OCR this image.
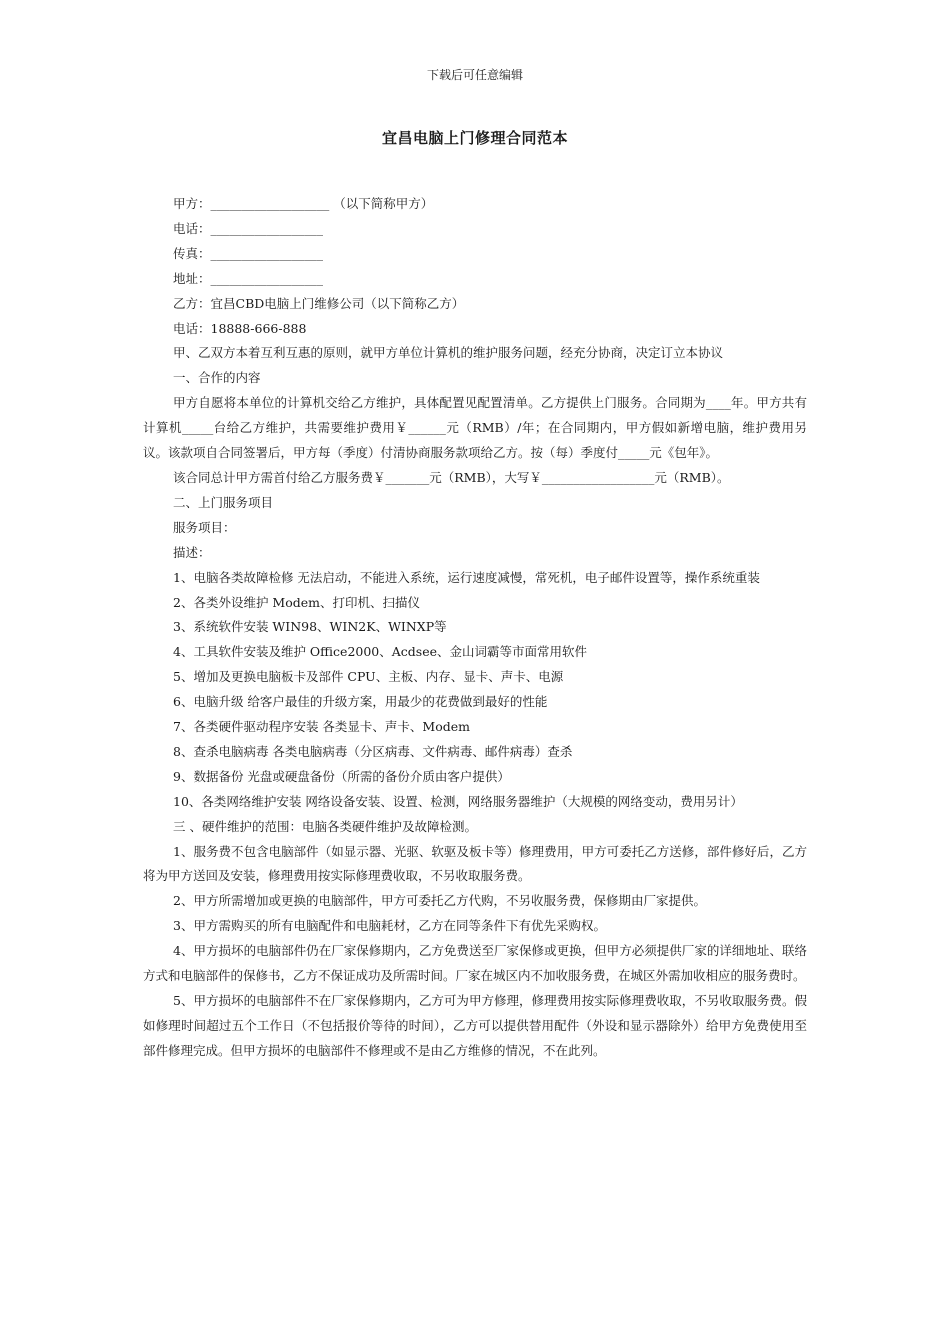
下载后可任意编辑
宜昌电脑上门修理合同范本

甲方：___________________ （以下简称甲方）

电话：__________________

传真：__________________

地址：__________________

乙方：宜昌CBD电脑上门维修公司（以下简称乙方）

电话：18888-666-888

甲、乙双方本着互利互惠的原则，就甲方单位计算机的维护服务问题，经充分协商，决定订立本协议

一、合作的内容

甲方自愿将本单位的计算机交给乙方维护，具体配置见配置清单。乙方提供上门服务。合同期为____年。甲方共有计算机_____台给乙方维护，共需要维护费用￥______元（RMB）/年；在合同期内，甲方假如新增电脑，维护费用另议。该款项自合同签署后，甲方每（季度）付清协商服务款项给乙方。按（每）季度付_____元《包年》。

该合同总计甲方需首付给乙方服务费￥_______元（RMB），大写￥__________________元（RMB）。

二、上门服务项目

服务项目：

描述：

1、电脑各类故障检修 无法启动，不能进入系统，运行速度减慢，常死机，电子邮件设置等，操作系统重装

2、各类外设维护 Modem、打印机、扫描仪

3、系统软件安装 WIN98、WIN2K、WINXP等

4、工具软件安装及维护 Office2000、Acdsee、金山词霸等市面常用软件

5、增加及更换电脑板卡及部件 CPU、主板、内存、显卡、声卡、电源

6、电脑升级 给客户最佳的升级方案，用最少的花费做到最好的性能

7、各类硬件驱动程序安装 各类显卡、声卡、Modem

8、查杀电脑病毒 各类电脑病毒（分区病毒、文件病毒、邮件病毒）查杀

9、数据备份 光盘或硬盘备份（所需的备份介质由客户提供）

10、各类网络维护安装 网络设备安装、设置、检测，网络服务器维护（大规模的网络变动，费用另计）

三 、硬件维护的范围：电脑各类硬件维护及故障检测。

1、服务费不包含电脑部件（如显示器、光驱、软驱及板卡等）修理费用，甲方可委托乙方送修，部件修好后，乙方将为甲方送回及安装，修理费用按实际修理费收取，不另收取服务费。

2、甲方所需增加或更换的电脑部件，甲方可委托乙方代购，不另收服务费，保修期由厂家提供。

3、甲方需购买的所有电脑配件和电脑耗材，乙方在同等条件下有优先采购权。

4、甲方损坏的电脑部件仍在厂家保修期内，乙方免费送至厂家保修或更换，但甲方必须提供厂家的详细地址、联络方式和电脑部件的保修书，乙方不保证成功及所需时间。厂家在城区内不加收服务费，在城区外需加收相应的服务费时。

5、甲方损坏的电脑部件不在厂家保修期内，乙方可为甲方修理，修理费用按实际修理费收取，不另收取服务费。假如修理时间超过五个工作日（不包括报价等待的时间），乙方可以提供替用配件（外设和显示器除外）给甲方免费使用至部件修理完成。但甲方损坏的电脑部件不修理或不是由乙方维修的情况，不在此列。
